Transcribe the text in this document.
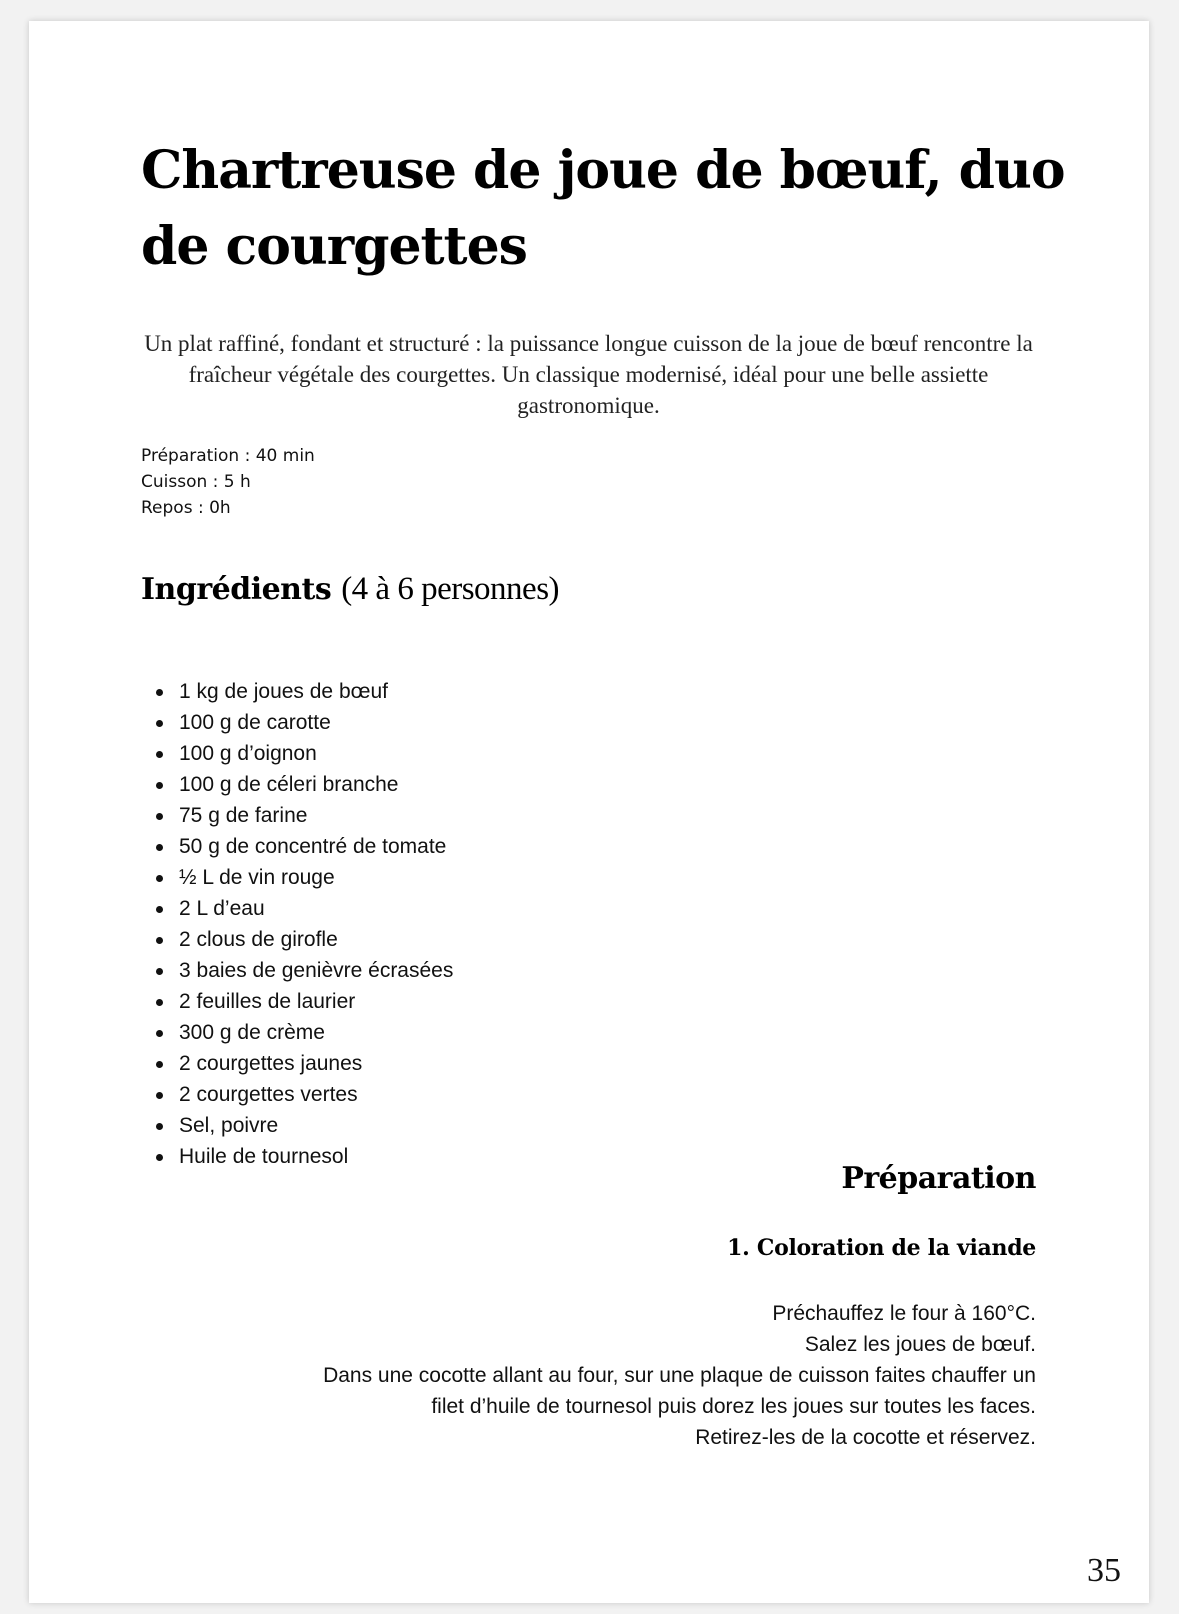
Chartreuse de joue de bœuf, duo de courgettes

Un plat raffiné, fondant et structuré : la puissance longue cuisson de la joue de bœuf rencontre la fraîcheur végétale des courgettes. Un classique modernisé, idéal pour une belle assiette gastronomique.

Préparation : 40 min
Cuisson : 5 h
Repos : 0h
Ingrédients (4 à 6 personnes)
1 kg de joues de bœuf
100 g de carotte
100 g d’oignon
100 g de céleri branche
75 g de farine
50 g de concentré de tomate
½ L de vin rouge
2 L d’eau
2 clous de girofle
3 baies de genièvre écrasées
2 feuilles de laurier
300 g de crème
2 courgettes jaunes
2 courgettes vertes
Sel, poivre
Huile de tournesol
Préparation
1. Coloration de la viande

Préchauffez le four à 160°C.

Salez les joues de bœuf.

Dans une cocotte allant au four, sur une plaque de cuisson faites chauffer un filet d’huile de tournesol puis dorez les joues sur toutes les faces.

Retirez-les de la cocotte et réservez.

35
